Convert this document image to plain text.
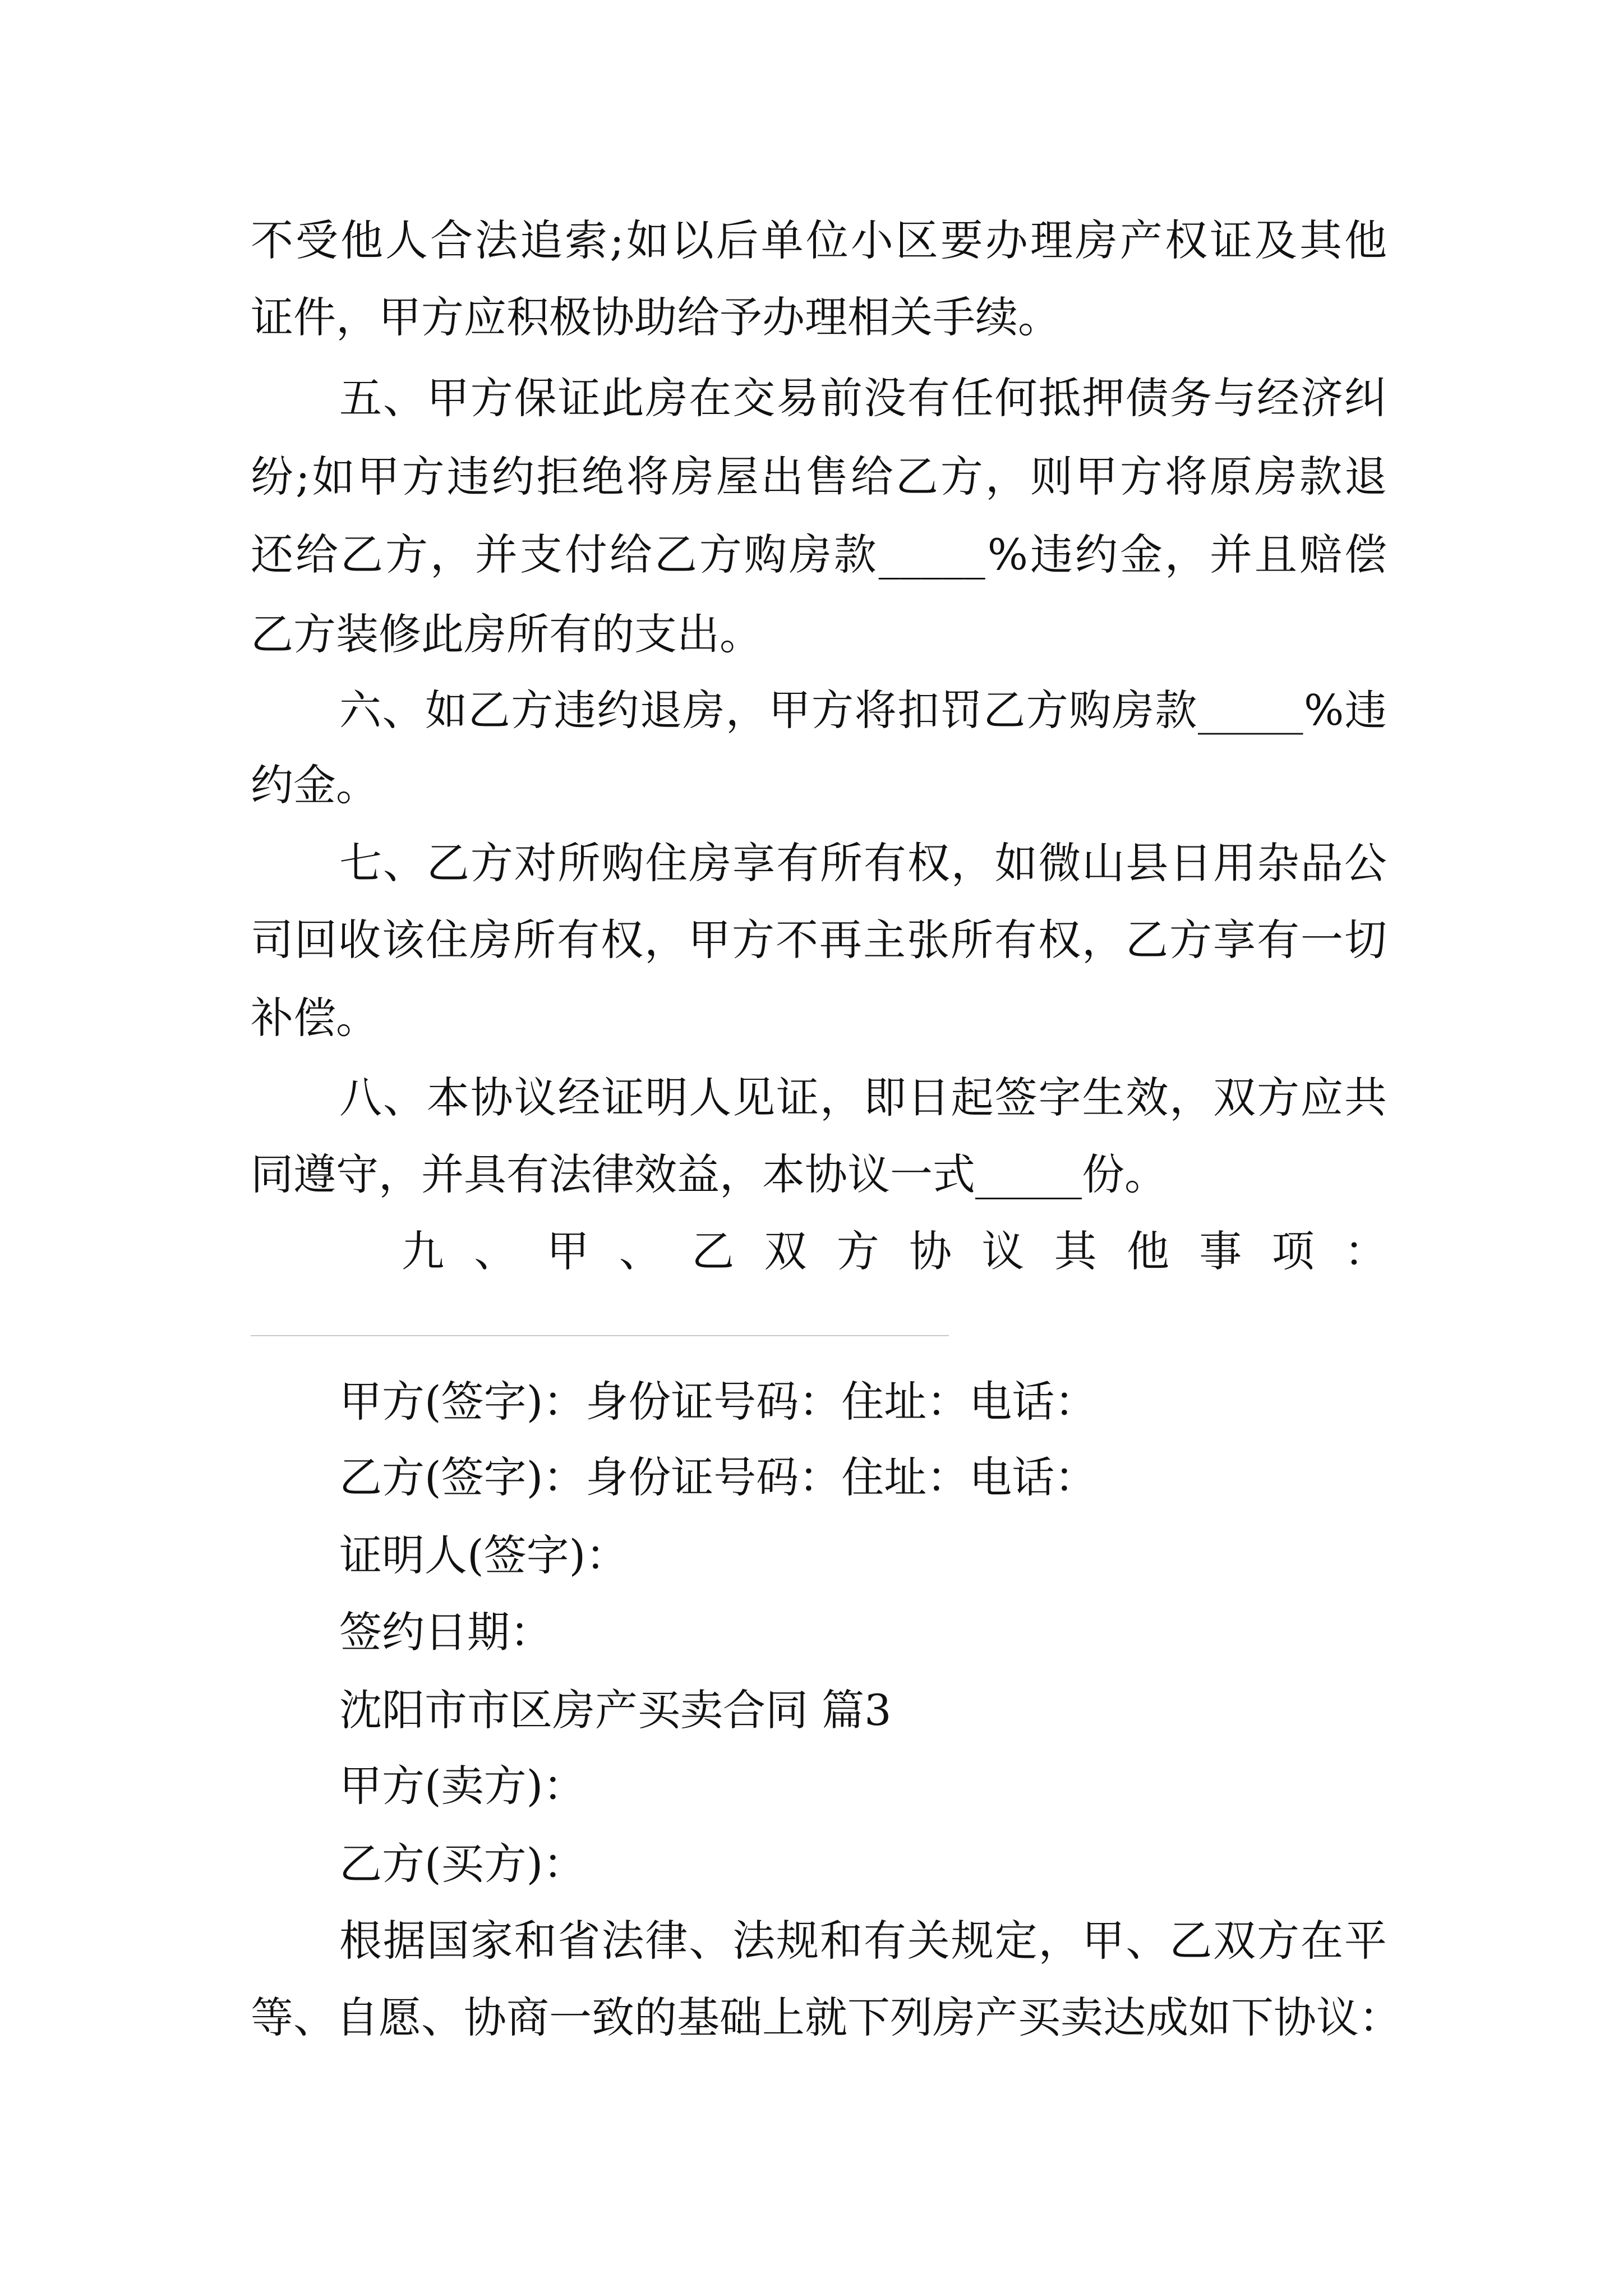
不 受 他 人 合 法 追 索 ; 如 以 后 单 位 小 区 要 办 理 房 产 权 证 及 其 他
证件，甲方应积极协助给予办理相关手续。
五 、 甲 方 保 证 此 房 在 交 易 前 没 有 任 何 抵 押 债 务 与 经 济 纠
纷 ; 如 甲 方 违 约 拒 绝 将 房 屋 出 售 给 乙 方 ， 则 甲 方 将 原 房 款 退
还 给 乙 方 ， 并 支 付 给 乙 方 购 房 款 _____ % 违 约 金 ， 并 且 赔 偿
乙方装修此房所有的支出。
六 、 如 乙 方 违 约 退 房 ， 甲 方 将 扣 罚 乙 方 购 房 款 _____ % 违
约金。
七 、 乙 方 对 所 购 住 房 享 有 所 有 权 ， 如 微 山 县 日 用 杂 品 公
司 回 收 该 住 房 所 有 权 ， 甲 方 不 再 主 张 所 有 权 ， 乙 方 享 有 一 切
补偿。
八 、 本 协 议 经 证 明 人 见 证 ， 即 日 起 签 字 生 效 ， 双 方 应 共
同遵守，并具有法律效益，本协议一式_____份。
九 、 甲 、 乙 双 方 协 议 其 他 事 项 ：
甲方(签字)：身份证号码：住址：电话：
乙方(签字)：身份证号码：住址：电话：
证明人(签字)：
签约日期：
沈阳市市区房产买卖合同 篇3
甲方(卖方)：
乙方(买方)：
根 据 国 家 和 省 法 律 、 法 规 和 有 关 规 定 ， 甲 、 乙 双 方 在 平
等 、 自 愿 、 协 商 一 致 的 基 础 上 就 下 列 房 产 买 卖 达 成 如 下 协 议 ：
